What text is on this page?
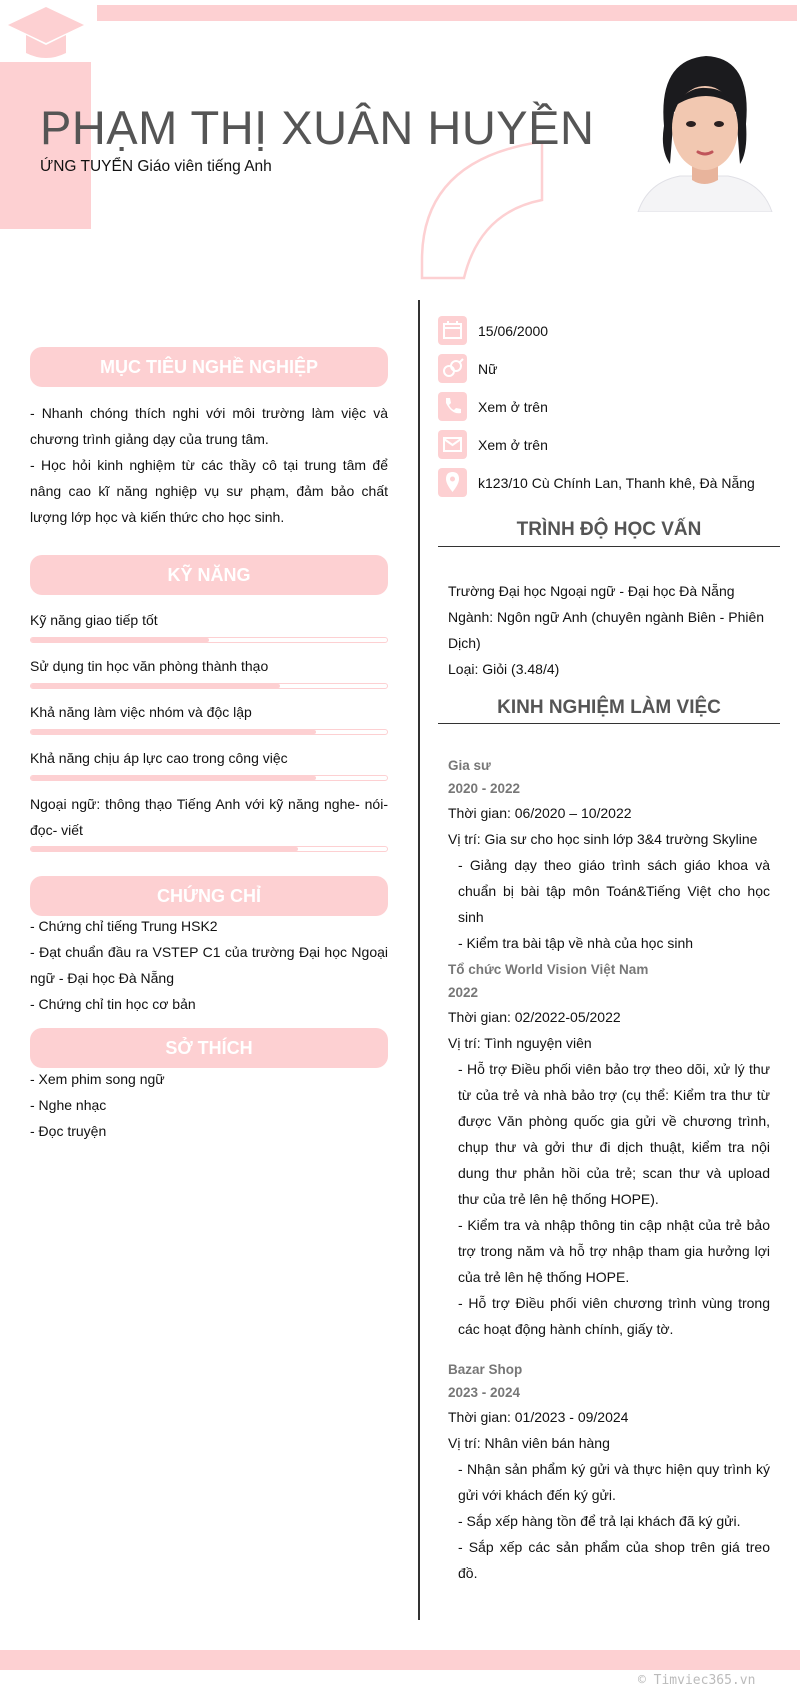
PHẠM THỊ XUÂN HUYỀN
ỨNG TUYỂN Giáo viên tiếng Anh
MỤC TIÊU NGHỀ NGHIỆP

- Nhanh chóng thích nghi với môi trường làm việc và chương trình giảng dạy của trung tâm.

- Học hỏi kinh nghiệm từ các thầy cô tại trung tâm để nâng cao kĩ năng nghiệp vụ sư phạm, đảm bảo chất lượng lớp học và kiến thức cho học sinh.

KỸ NĂNG
Kỹ năng giao tiếp tốt
Sử dụng tin học văn phòng thành thạo
Khả năng làm việc nhóm và độc lập
Khả năng chịu áp lực cao trong công việc
Ngoại ngữ: thông thạo Tiếng Anh với kỹ năng nghe- nói- đọc- viết
CHỨNG CHỈ

- Chứng chỉ tiếng Trung HSK2

- Đạt chuẩn đầu ra VSTEP C1 của trường Đại học Ngoại ngữ - Đại học Đà Nẵng

- Chứng chỉ tin học cơ bản

SỞ THÍCH

- Xem phim song ngữ

- Nghe nhạc

- Đọc truyện

15/06/2000
Nữ
Xem ở trên
Xem ở trên
k123/10 Cù Chính Lan, Thanh khê, Đà Nẵng
TRÌNH ĐỘ HỌC VẤN

Trường Đại học Ngoại ngữ - Đại học Đà Nẵng

Ngành: Ngôn ngữ Anh (chuyên ngành Biên - Phiên Dịch)

Loại: Giỏi (3.48/4)

KINH NGHIỆM LÀM VIỆC
Gia sư
2020 - 2022

Thời gian: 06/2020 – 10/2022

Vị trí: Gia sư cho học sinh lớp 3&4 trường Skyline

- Giảng dạy theo giáo trình sách giáo khoa và chuẩn bị bài tập môn Toán&Tiếng Việt cho học sinh

- Kiểm tra bài tập về nhà của học sinh

Tổ chức World Vision Việt Nam
2022

Thời gian: 02/2022-05/2022

Vị trí: Tình nguyện viên

- Hỗ trợ Điều phối viên bảo trợ theo dõi, xử lý thư từ của trẻ và nhà bảo trợ (cụ thể: Kiểm tra thư từ được Văn phòng quốc gia gửi về chương trình, chụp thư và gởi thư đi dịch thuật, kiểm tra nội dung thư phản hồi của trẻ; scan thư và upload thư của trẻ lên hệ thống HOPE).

- Kiểm tra và nhập thông tin cập nhật của trẻ bảo trợ trong năm và hỗ trợ nhập tham gia hưởng lợi của trẻ lên hệ thống HOPE.

- Hỗ trợ Điều phối viên chương trình vùng trong các hoạt động hành chính, giấy tờ.

Bazar Shop
2023 - 2024

Thời gian: 01/2023 - 09/2024

Vị trí: Nhân viên bán hàng

- Nhận sản phẩm ký gửi và thực hiện quy trình ký gửi với khách đến ký gửi.

- Sắp xếp hàng tồn để trả lại khách đã ký gửi.

- Sắp xếp các sản phẩm của shop trên giá treo đồ.

© Timviec365.vn
